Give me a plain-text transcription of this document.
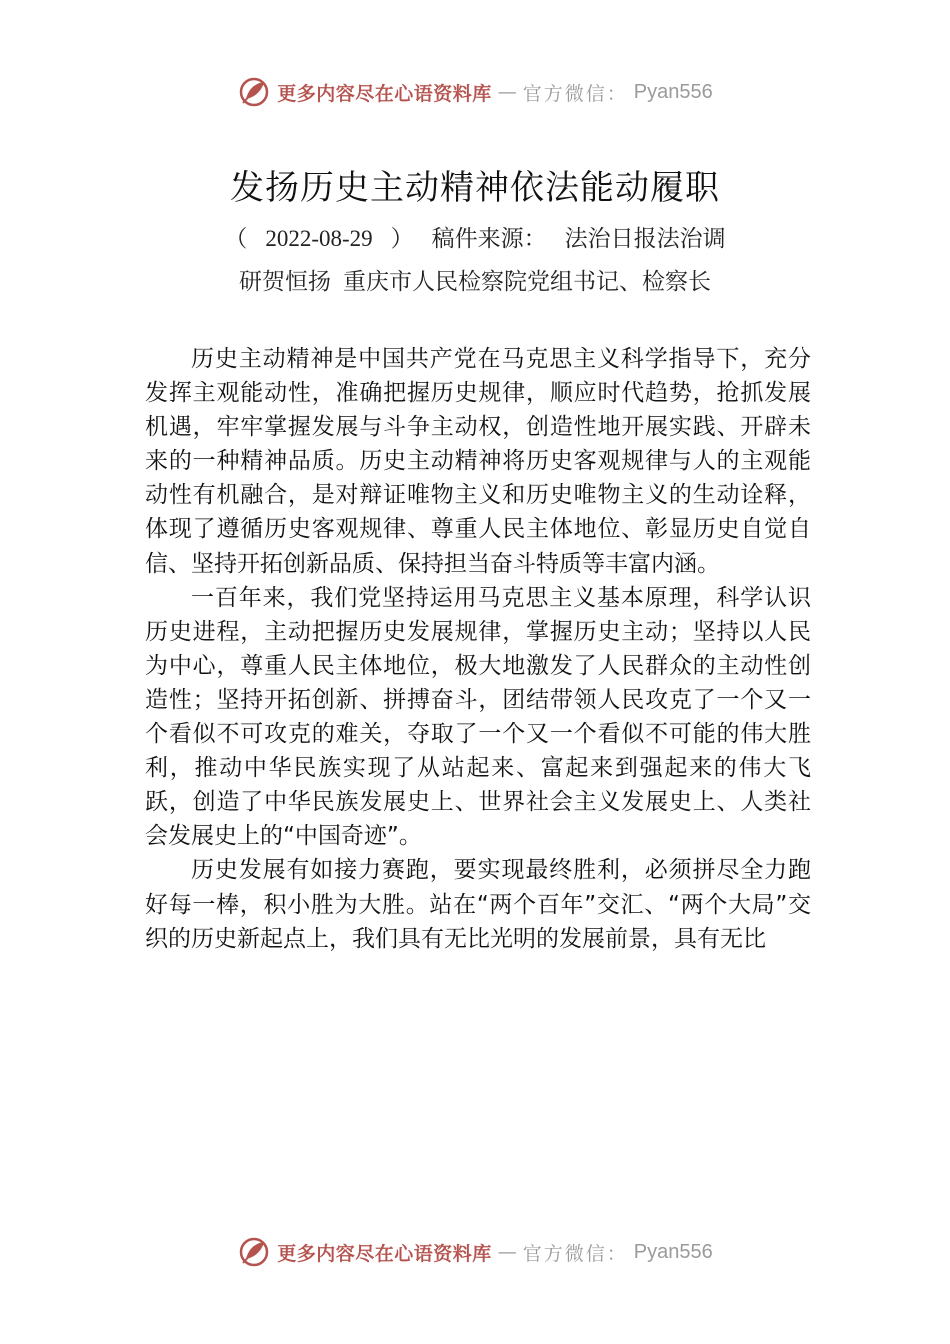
更多内容尽在心语资料库 — 官方微信： Pyan556
发扬历史主动精神依法能动履职
（ 2022-08-29 ） 稿件来源： 法治日报法治调
研贺恒扬 重庆市人民检察院党组书记、检察长

历史主动精神是中国共产党在马克思主义科学指导下，充分发挥主观能动性，准确把握历史规律，顺应时代趋势，抢抓发展机遇，牢牢掌握发展与斗争主动权，创造性地开展实践、开辟未来的一种精神品质。历史主动精神将历史客观规律与人的主观能动性有机融合，是对辩证唯物主义和历史唯物主义的生动诠释，体现了遵循历史客观规律、尊重人民主体地位、彰显历史自觉自信、坚持开拓创新品质、保持担当奋斗特质等丰富内涵。

一百年来，我们党坚持运用马克思主义基本原理，科学认识历史进程，主动把握历史发展规律，掌握历史主动；坚持以人民为中心，尊重人民主体地位，极大地激发了人民群众的主动性创造性；坚持开拓创新、拼搏奋斗，团结带领人民攻克了一个又一个看似不可攻克的难关，夺取了一个又一个看似不可能的伟大胜利，推动中华民族实现了从站起来、富起来到强起来的伟大飞跃，创造了中华民族发展史上、世界社会主义发展史上、人类社会发展史上的“中国奇迹”。

历史发展有如接力赛跑，要实现最终胜利，必须拼尽全力跑好每一棒，积小胜为大胜。站在“两个百年”交汇、“两个大局”交织的历史新起点上，我们具有无比光明的发展前景，具有无比

更多内容尽在心语资料库 — 官方微信： Pyan556
